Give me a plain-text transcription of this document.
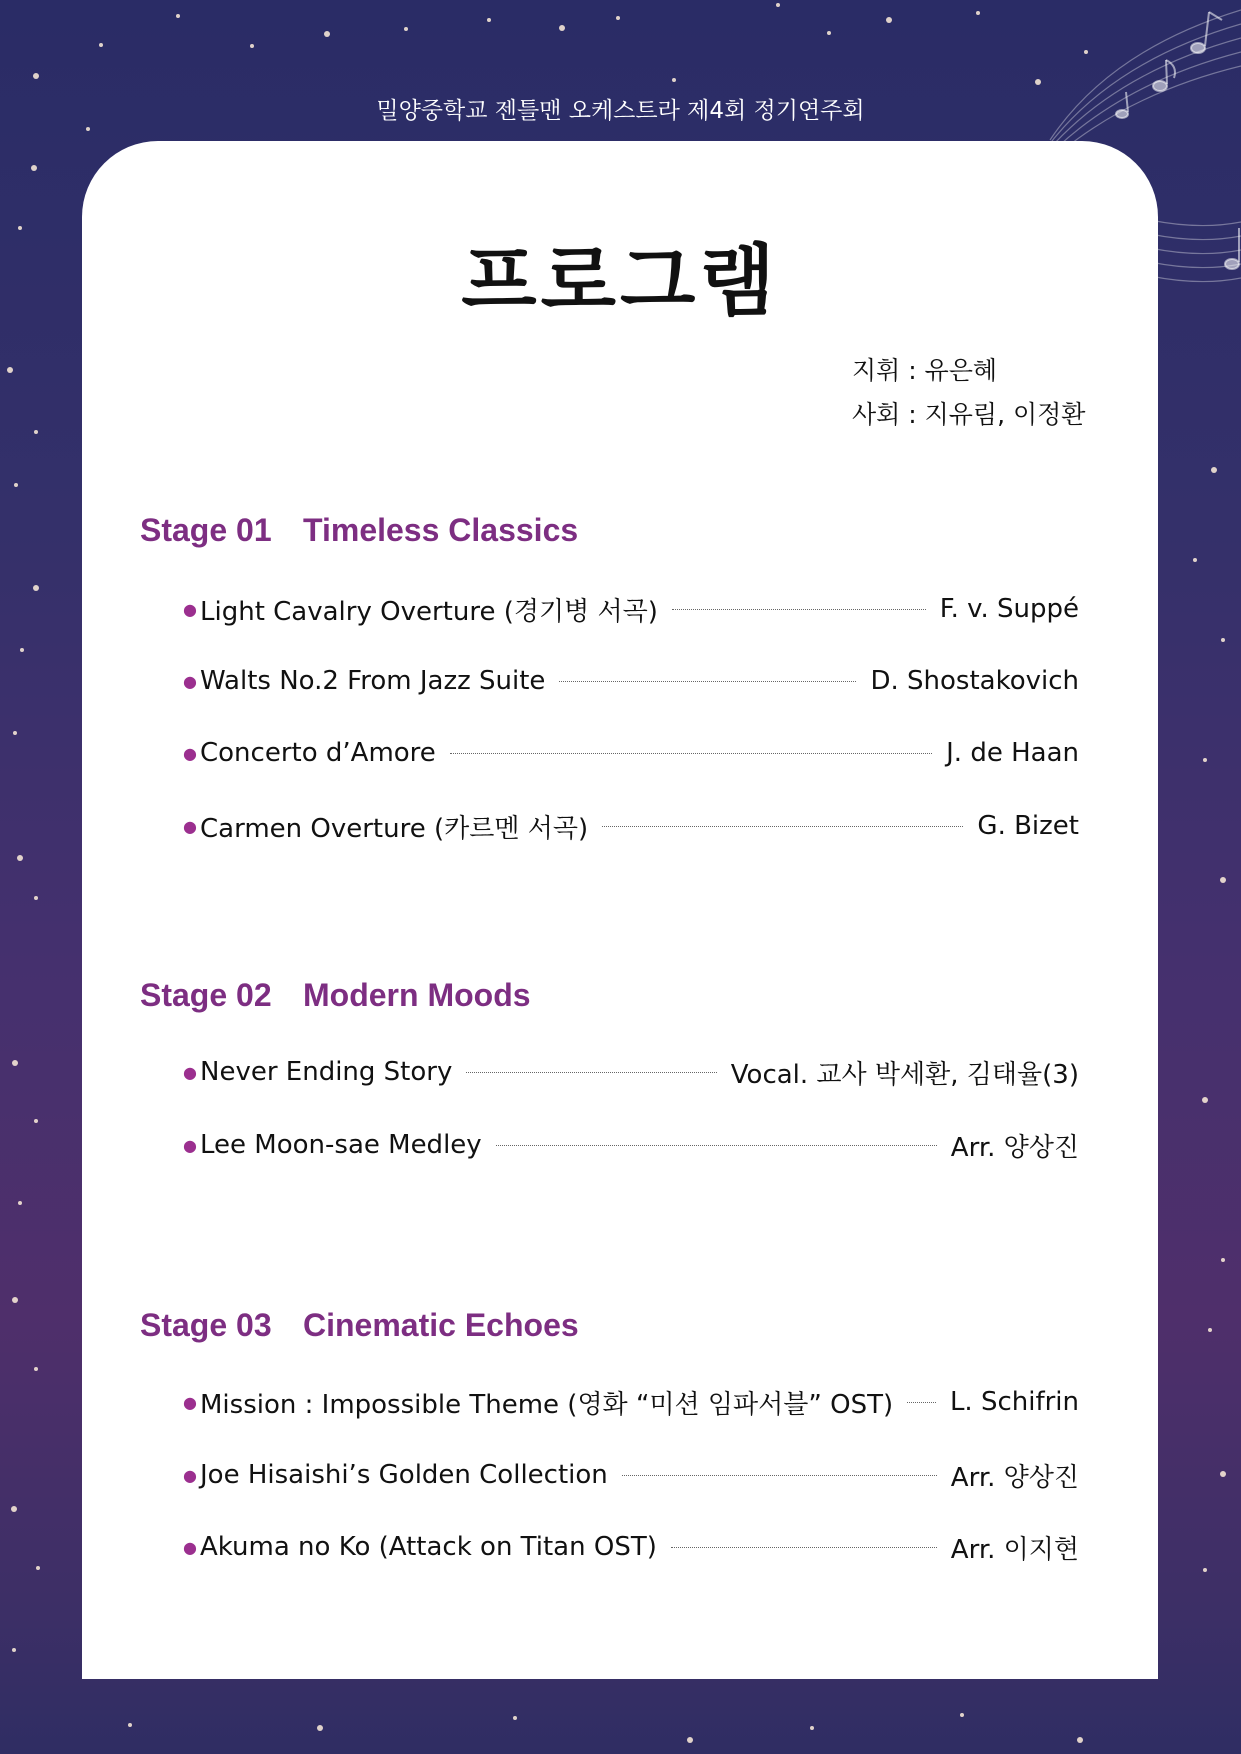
밀양중학교 젠틀맨 오케스트라 제4회 정기연주회
프로그램
지휘 : 유은혜
사회 : 지유림, 이정환
Stage 01 Timeless Classics
● Light Cavalry Overture (경기병 서곡)	F. v. Suppé
● Walts No.2 From Jazz Suite	D. Shostakovich
● Concerto d’Amore	J. de Haan
● Carmen Overture (카르멘 서곡)	G. Bizet
Stage 02 Modern Moods
● Never Ending Story	Vocal. 교사 박세환, 김태율(3)
● Lee Moon-sae Medley	Arr. 양상진
Stage 03 Cinematic Echoes
● Mission : Impossible Theme (영화 “미션 임파서블” OST) L. Schifrin
● Joe Hisaishi’s Golden Collection	Arr. 양상진
● Akuma no Ko (Attack on Titan OST)	Arr. 이지현
